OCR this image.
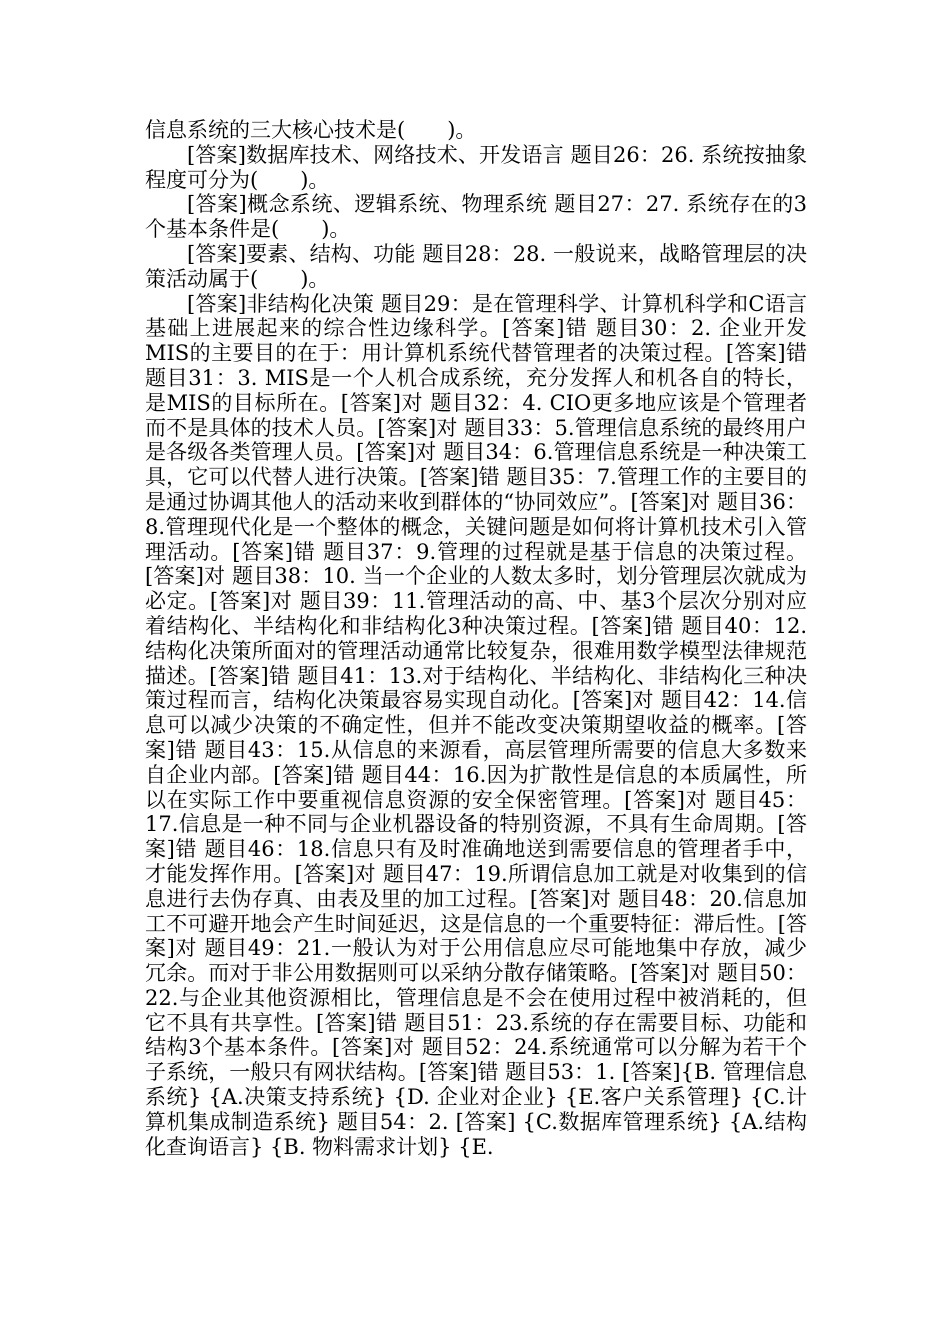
信息系统的三大核心技术是(　　)。

[答案]数据库技术、网络技术、开发语言 题目26：26. 系统按抽象程度可分为(　　)。

[答案]概念系统、逻辑系统、物理系统 题目27：27. 系统存在的3个基本条件是(　　)。

[答案]要素、结构、功能 题目28：28. 一般说来，战略管理层的决策活动属于(　　)。

[答案]非结构化决策 题目29：是在管理科学、计算机科学和C语言基础上进展起来的综合性边缘科学。[答案]错 题目30：2. 企业开发MIS的主要目的在于：用计算机系统代替管理者的决策过程。[答案]错 题目31：3. MIS是一个人机合成系统，充分发挥人和机各自的特长，是MIS的目标所在。[答案]对 题目32：4. CIO更多地应该是个管理者而不是具体的技术人员。[答案]对 题目33：5.管理信息系统的最终用户是各级各类管理人员。[答案]对 题目34：6.管理信息系统是一种决策工具，它可以代替人进行决策。[答案]错 题目35：7.管理工作的主要目的是通过协调其他人的活动来收到群体的“协同效应”。[答案]对 题目36：8.管理现代化是一个整体的概念，关键问题是如何将计算机技术引入管理活动。[答案]错 题目37：9.管理的过程就是基于信息的决策过程。[答案]对 题目38：10. 当一个企业的人数太多时，划分管理层次就成为必定。[答案]对 题目39：11.管理活动的高、中、基3个层次分别对应着结构化、半结构化和非结构化3种决策过程。[答案]错 题目40：12.结构化决策所面对的管理活动通常比较复杂，很难用数学模型法律规范描述。[答案]错 题目41：13.对于结构化、半结构化、非结构化三种决策过程而言，结构化决策最容易实现自动化。[答案]对 题目42：14.信息可以减少决策的不确定性，但并不能改变决策期望收益的概率。[答案]错 题目43：15.从信息的来源看，高层管理所需要的信息大多数来自企业内部。[答案]错 题目44：16.因为扩散性是信息的本质属性，所以在实际工作中要重视信息资源的安全保密管理。[答案]对 题目45：17.信息是一种不同与企业机器设备的特别资源，不具有生命周期。[答案]错 题目46：18.信息只有及时准确地送到需要信息的管理者手中，才能发挥作用。[答案]对 题目47：19.所谓信息加工就是对收集到的信息进行去伪存真、由表及里的加工过程。[答案]对 题目48：20.信息加工不可避开地会产生时间延迟，这是信息的一个重要特征：滞后性。[答案]对 题目49：21.一般认为对于公用信息应尽可能地集中存放，减少冗余。而对于非公用数据则可以采纳分散存储策略。[答案]对 题目50：22.与企业其他资源相比，管理信息是不会在使用过程中被消耗的，但它不具有共享性。[答案]错 题目51：23.系统的存在需要目标、功能和结构3个基本条件。[答案]对 题目52：24.系统通常可以分解为若干个子系统，一般只有网状结构。[答案]错 题目53：1. [答案]{B. 管理信息系统} {A.决策支持系统} {D. 企业对企业} {E.客户关系管理} {C.计算机集成制造系统} 题目54：2. [答案] {C.数据库管理系统} {A.结构化查询语言} {B. 物料需求计划} {E.
